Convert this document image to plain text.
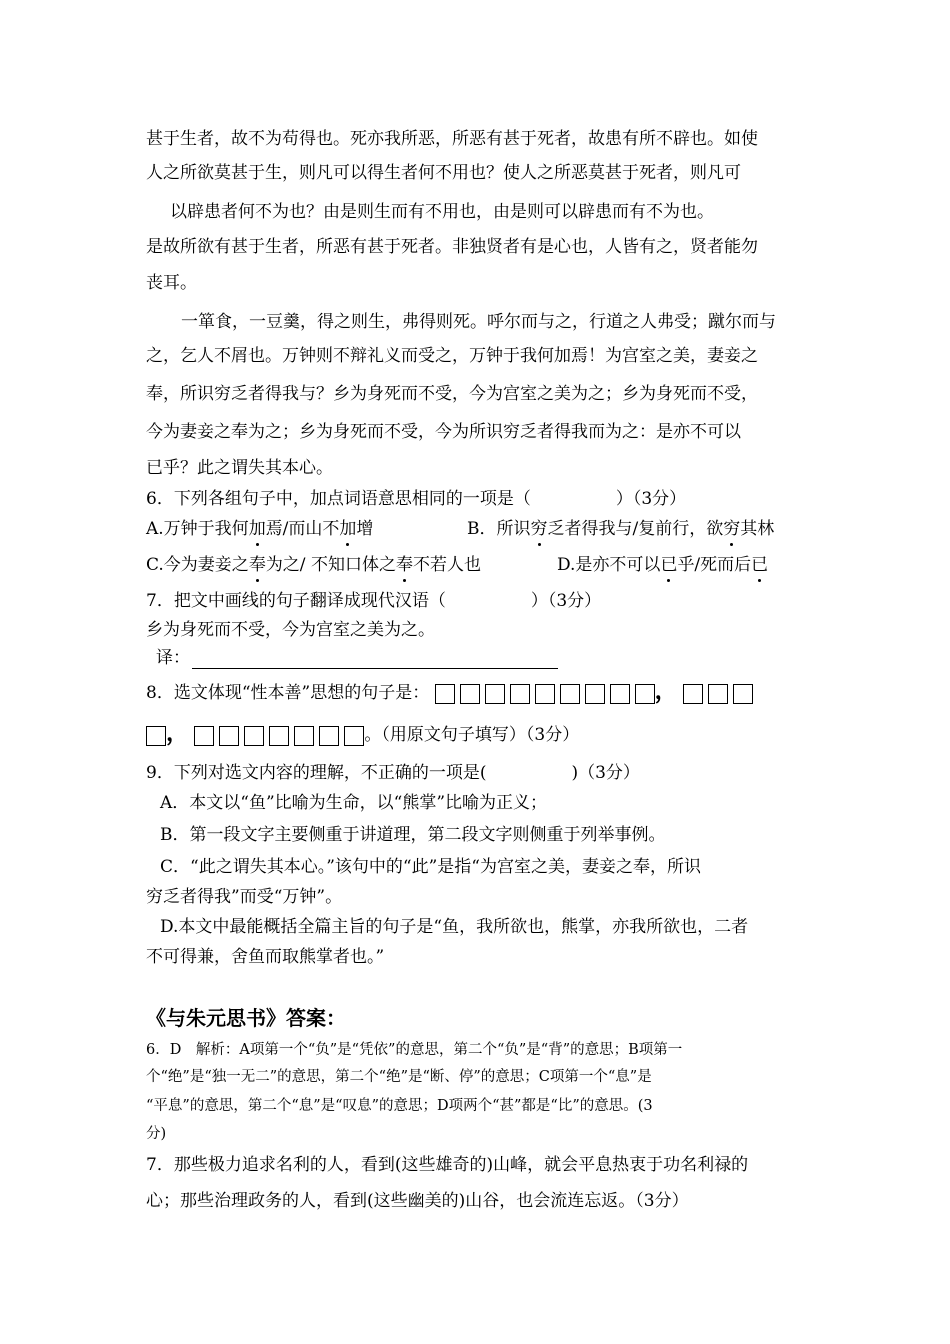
甚于生者，故不为苟得也。死亦我所恶，所恶有甚于死者，故患有所不辟也。如使
人之所欲莫甚于生，则凡可以得生者何不用也？使人之所恶莫甚于死者，则凡可
以辟患者何不为也？由是则生而有不用也，由是则可以辟患而有不为也。
是故所欲有甚于生者，所恶有甚于死者。非独贤者有是心也，人皆有之，贤者能勿
丧耳。
一箪食，一豆羹，得之则生，弗得则死。呼尔而与之，行道之人弗受；蹴尔而与
之，乞人不屑也。万钟则不辩礼义而受之，万钟于我何加焉！为宫室之美，妻妾之
奉，所识穷乏者得我与？乡为身死而不受，今为宫室之美为之；乡为身死而不受，
今为妻妾之奉为之；乡为身死而不受，今为所识穷乏者得我而为之：是亦不可以
已乎？此之谓失其本心。
6．下列各组句子中，加点词语意思相同的一项是（　　　　　）（3分）
A.万钟于我何加焉/而山不加增	B．所识穷乏者得我与/复前行，欲穷其林
C.今为妻妾之奉为之/ 不知口体之奉不若人也	D.是亦不可以已乎/死而后已
7．把文中画线的句子翻译成现代汉语（　　　　　）（3分）
乡为身死而不受，今为宫室之美为之。
译：
8．选文体现“性本善”思想的句子是：	，
，	。（用原文句子填写）（3分）
9．下列对选文内容的理解，不正确的一项是(　　　　　)（3分）
A．本文以“鱼”比喻为生命，以“熊掌”比喻为正义；
B．第一段文字主要侧重于讲道理，第二段文字则侧重于列举事例。
C．“此之谓失其本心。”该句中的“此”是指“为宫室之美，妻妾之奉，所识
穷乏者得我”而受“万钟”。
D.本文中最能概括全篇主旨的句子是“鱼，我所欲也，熊掌，亦我所欲也，二者
不可得兼，舍鱼而取熊掌者也。”
《与朱元思书》答案：
6．D　解析：A项第一个“负”是“凭依”的意思，第二个“负”是“背”的意思；B项第一
个“绝”是“独一无二”的意思，第二个“绝”是“断、停”的意思；C项第一个“息”是
“平息”的意思，第二个“息”是“叹息”的意思；D项两个“甚”都是“比”的意思。(3
分)
7．那些极力追求名利的人，看到(这些雄奇的)山峰，就会平息热衷于功名利禄的
心；那些治理政务的人，看到(这些幽美的)山谷，也会流连忘返。（3分）
